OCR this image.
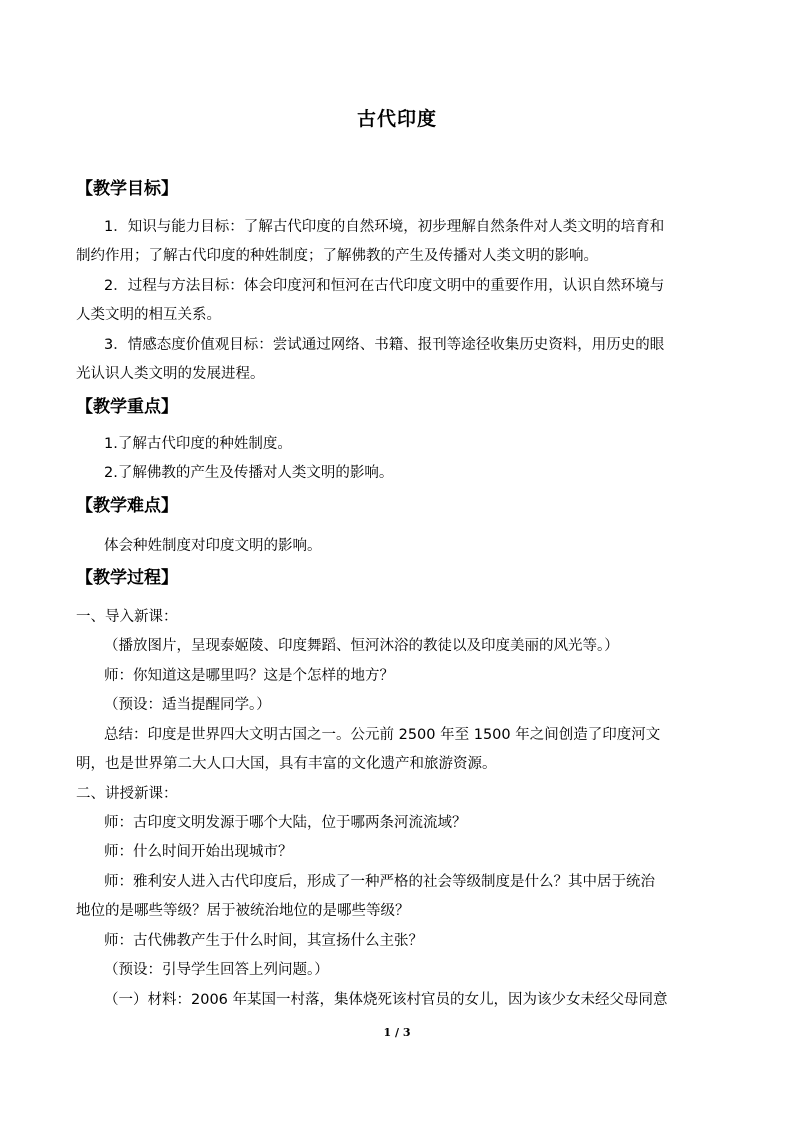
古代印度
【教学目标】
1．知识与能力目标：了解古代印度的自然环境，初步理解自然条件对人类文明的培育和
制约作用；了解古代印度的种姓制度；了解佛教的产生及传播对人类文明的影响。
2．过程与方法目标：体会印度河和恒河在古代印度文明中的重要作用，认识自然环境与
人类文明的相互关系。
3．情感态度价值观目标：尝试通过网络、书籍、报刊等途径收集历史资料，用历史的眼
光认识人类文明的发展进程。
【教学重点】
1.了解古代印度的种姓制度。
2.了解佛教的产生及传播对人类文明的影响。
【教学难点】
体会种姓制度对印度文明的影响。
【教学过程】
一、导入新课：
（播放图片，呈现泰姬陵、印度舞蹈、恒河沐浴的教徒以及印度美丽的风光等。）
师：你知道这是哪里吗？这是个怎样的地方？
（预设：适当提醒同学。）
总结：印度是世界四大文明古国之一。公元前 2500 年至 1500 年之间创造了印度河文
明，也是世界第二大人口大国，具有丰富的文化遗产和旅游资源。
二、讲授新课：
师：古印度文明发源于哪个大陆，位于哪两条河流流域？
师：什么时间开始出现城市？
师：雅利安人进入古代印度后，形成了一种严格的社会等级制度是什么？其中居于统治
地位的是哪些等级？居于被统治地位的是哪些等级？
师：古代佛教产生于什么时间，其宣扬什么主张？
（预设：引导学生回答上列问题。）
（一）材料：2006 年某国一村落，集体烧死该村官员的女儿，因为该少女未经父母同意
1 / 3
